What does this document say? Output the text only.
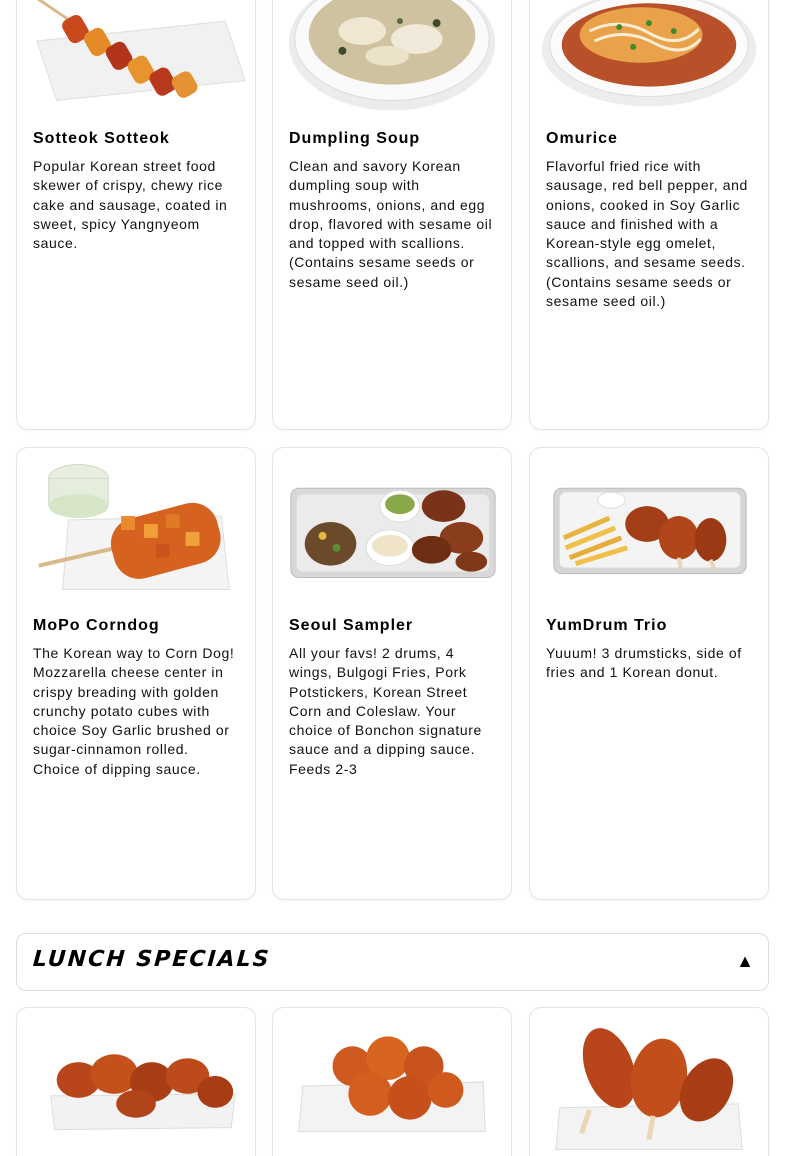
Sotteok Sotteok
Popular Korean street food skewer of crispy, chewy rice cake and sausage, coated in sweet, spicy Yangnyeom sauce.
Dumpling Soup
Clean and savory Korean dumpling soup with mushrooms, onions, and egg drop, flavored with sesame oil and topped with scallions. (Contains sesame seeds or sesame seed oil.)
Omurice
Flavorful fried rice with sausage, red bell pepper, and onions, cooked in Soy Garlic sauce and finished with a Korean-style egg omelet, scallions, and sesame seeds. (Contains sesame seeds or sesame seed oil.)
MoPo Corndog
The Korean way to Corn Dog! Mozzarella cheese center in crispy breading with golden crunchy potato cubes with choice Soy Garlic brushed or sugar-cinnamon rolled. Choice of dipping sauce.
Seoul Sampler
All your favs! 2 drums, 4 wings, Bulgogi Fries, Pork Potstickers, Korean Street Corn and Coleslaw. Your choice of Bonchon signature sauce and a dipping sauce. Feeds 2-3
YumDrum Trio
Yuuum! 3 drumsticks, side of fries and 1 Korean donut.
LUNCH SPECIALS	▲
